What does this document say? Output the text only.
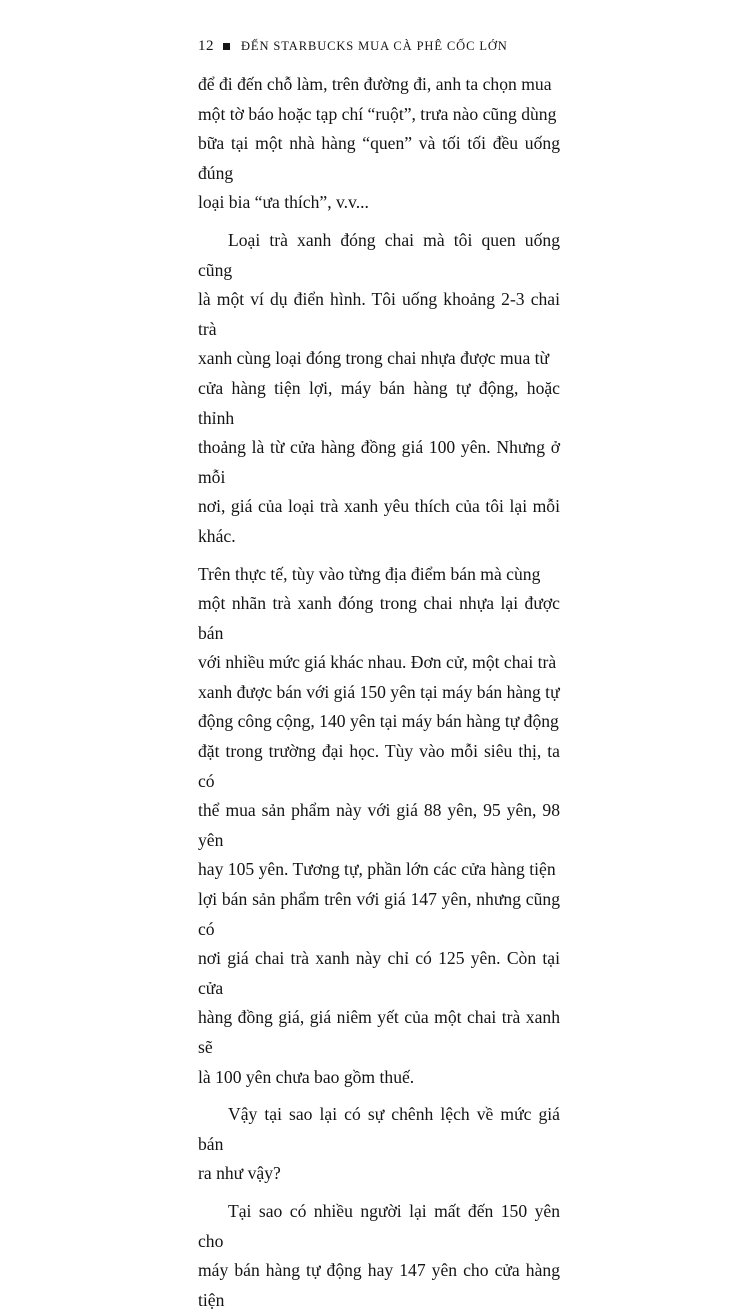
12 ĐẾN STARBUCKS MUA CÀ PHÊ CỐC LỚN

để đi đến chỗ làm, trên đường đi, anh ta chọn mua
một tờ báo hoặc tạp chí “ruột”, trưa nào cũng dùng
bữa tại một nhà hàng “quen” và tối tối đều uống đúng
loại bia “ưa thích”, v.v...

Loại trà xanh đóng chai mà tôi quen uống cũng
là một ví dụ điển hình. Tôi uống khoảng 2-3 chai trà
xanh cùng loại đóng trong chai nhựa được mua từ
cửa hàng tiện lợi, máy bán hàng tự động, hoặc thỉnh
thoảng là từ cửa hàng đồng giá 100 yên. Nhưng ở mỗi
nơi, giá của loại trà xanh yêu thích của tôi lại mỗi khác.

Trên thực tế, tùy vào từng địa điểm bán mà cùng
một nhãn trà xanh đóng trong chai nhựa lại được bán
với nhiều mức giá khác nhau. Đơn cử, một chai trà
xanh được bán với giá 150 yên tại máy bán hàng tự
động công cộng, 140 yên tại máy bán hàng tự động
đặt trong trường đại học. Tùy vào mỗi siêu thị, ta có
thể mua sản phẩm này với giá 88 yên, 95 yên, 98 yên
hay 105 yên. Tương tự, phần lớn các cửa hàng tiện
lợi bán sản phẩm trên với giá 147 yên, nhưng cũng có
nơi giá chai trà xanh này chỉ có 125 yên. Còn tại cửa
hàng đồng giá, giá niêm yết của một chai trà xanh sẽ
là 100 yên chưa bao gồm thuế.

Vậy tại sao lại có sự chênh lệch về mức giá bán
ra như vậy?

Tại sao có nhiều người lại mất đến 150 yên cho
máy bán hàng tự động hay 147 yên cho cửa hàng tiện
